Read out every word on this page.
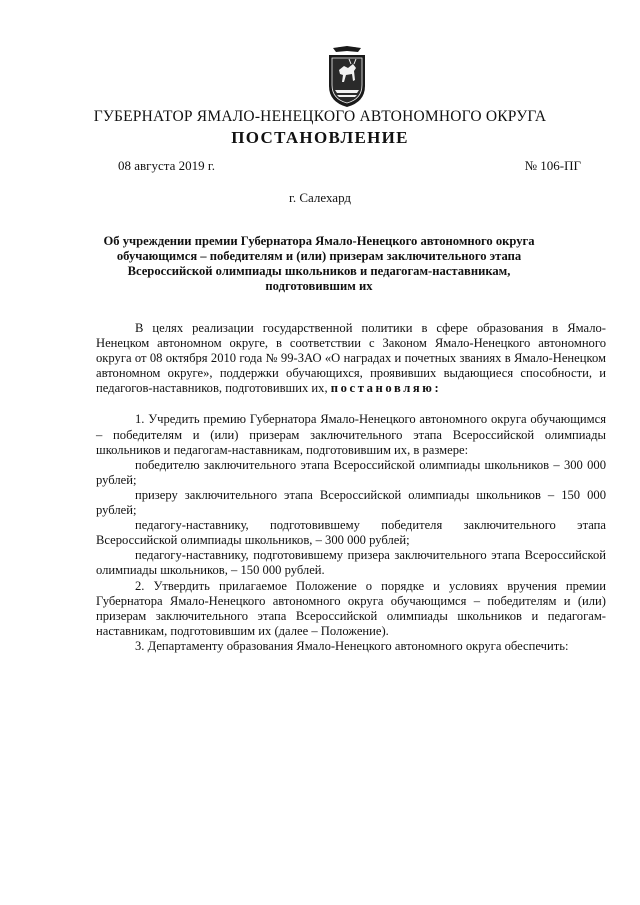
ГУБЕРНАТОР ЯМАЛО-НЕНЕЦКОГО АВТОНОМНОГО ОКРУГА
ПОСТАНОВЛЕНИЕ
08 августа 2019 г.	№ 106-ПГ
г. Салехард
Об учреждении премии Губернатора Ямало-Ненецкого автономного округа обучающимся – победителям и (или) призерам заключительного этапа Всероссийской олимпиады школьников и педагогам-наставникам, подготовившим их

В целях реализации государственной политики в сфере образования в Ямало-Ненецком автономном округе, в соответствии с Законом Ямало-Ненецкого автономного округа от 08 октября 2010 года № 99-ЗАО «О наградах и почетных званиях в Ямало-Ненецком автономном округе», поддержки обучающихся, проявивших выдающиеся способности, и педагогов-наставников, подготовивших их, постановляю:

1. Учредить премию Губернатора Ямало-Ненецкого автономного округа обучающимся – победителям и (или) призерам заключительного этапа Всероссийской олимпиады школьников и педагогам-наставникам, подготовившим их, в размере:

победителю заключительного этапа Всероссийской олимпиады школьников – 300 000 рублей;

призеру заключительного этапа Всероссийской олимпиады школьников – 150 000 рублей;

педагогу-наставнику, подготовившему победителя заключительного этапа Всероссийской олимпиады школьников, – 300 000 рублей;

педагогу-наставнику, подготовившему призера заключительного этапа Всероссийской олимпиады школьников, – 150 000 рублей.

2. Утвердить прилагаемое Положение о порядке и условиях вручения премии Губернатора Ямало-Ненецкого автономного округа обучающимся – победителям и (или) призерам заключительного этапа Всероссийской олимпиады школьников и педагогам-наставникам, подготовившим их (далее – Положение).

3. Департаменту образования Ямало-Ненецкого автономного округа обеспечить:
